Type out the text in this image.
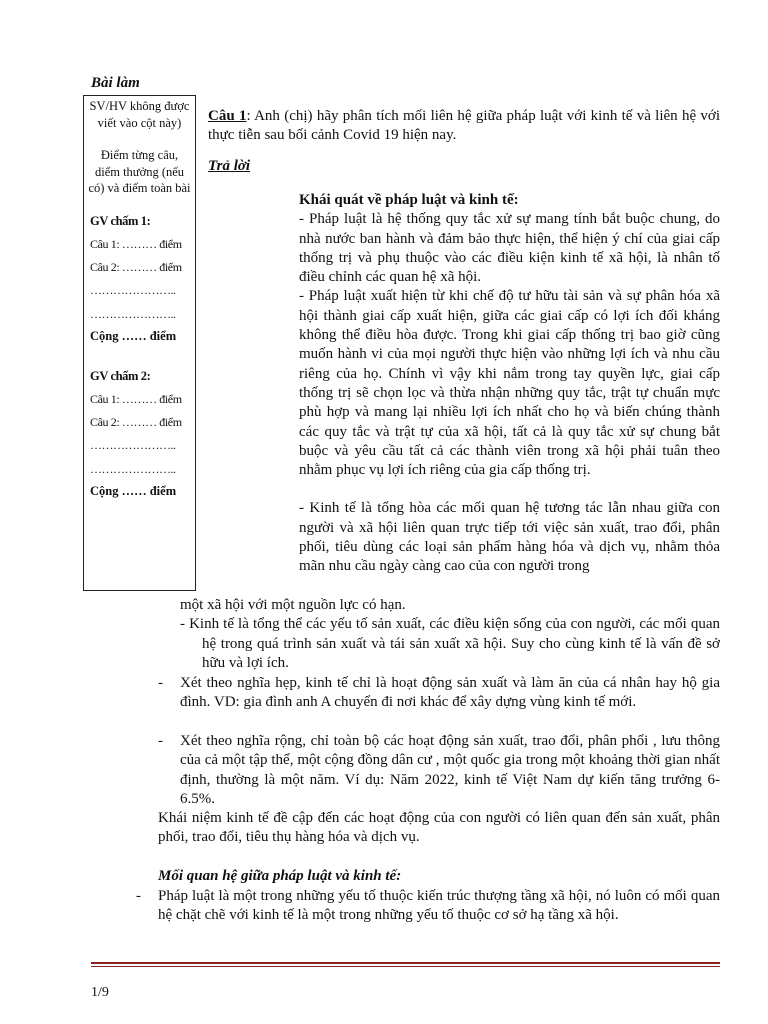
Bài làm
SV/HV không được viết vào cột này)
Điểm từng câu, diểm thưởng (nếu có) và điểm toàn bài
GV chấm 1:
Câu 1: ……… điểm
Câu 2: ……… điểm
…………………..
…………………..
Cộng …… điểm
GV chấm 2:
Câu 1: ……… điểm
Câu 2: ……… điểm
…………………..
…………………..
Cộng …… điểm
Câu 1: Anh (chị) hãy phân tích mối liên hệ giữa pháp luật với kinh tế và liên hệ với thực tiễn sau bối cảnh Covid 19 hiện nay.
Trả lời
Khái quát về pháp luật và kinh tế:
- Pháp luật là hệ thống quy tắc xử sự mang tính bắt buộc chung, do nhà nước ban hành và đảm bảo thực hiện, thể hiện ý chí của giai cấp thống trị và phụ thuộc vào các điều kiện kinh tế xã hội, là nhân tố điều chỉnh các quan hệ xã hội.
- Pháp luật xuất hiện từ khi chế độ tư hữu tài sản và sự phân hóa xã hội thành giai cấp xuất hiện, giữa các giai cấp có lợi ích đối kháng không thể điều hòa được. Trong khi giai cấp thống trị bao giờ cũng muốn hành vi của mọi người thực hiện vào những lợi ích và nhu cầu riêng của họ. Chính vì vậy khi nắm trong tay quyền lực, giai cấp thống trị sẽ chọn lọc và thừa nhận những quy tắc, trật tự chuẩn mực phù hợp và mang lại nhiều lợi ích nhất cho họ và biến chúng thành các quy tắc và trật tự của xã hội, tất cả là quy tắc xử sự chung bắt buộc và yêu cầu tất cả các thành viên trong xã hội phải tuân theo nhằm phục vụ lợi ích riêng của gia cấp thống trị.
- Kinh tế là tổng hòa các mối quan hệ tương tác lẫn nhau giữa con người và xã hội liên quan trực tiếp tới việc sản xuất, trao đổi, phân phối, tiêu dùng các loại sản phẩm hàng hóa và dịch vụ, nhằm thỏa mãn nhu cầu ngày càng cao của con người trong
một xã hội với một nguồn lực có hạn.
- Kinh tế là tổng thể các yếu tố sản xuất, các điều kiện sống của con người, các mối quan hệ trong quá trình sản xuất và tái sản xuất xã hội. Suy cho cùng kinh tế là vấn đề sở hữu và lợi ích.
-	Xét theo nghĩa hẹp, kinh tế chỉ là hoạt động sản xuất và làm ăn của cá nhân hay hộ gia đình. VD: gia đình anh A chuyển đi nơi khác để xây dựng vùng kinh tế mới.
-	Xét theo nghĩa rộng, chỉ toàn bộ các hoạt động sản xuất, trao đổi, phân phối , lưu thông của cả một tập thể, một cộng đồng dân cư , một quốc gia trong một khoảng thời gian nhất định, thường là một năm. Ví dụ: Năm 2022, kinh tế Việt Nam dự kiến tăng trưởng 6-6.5%.
Khái niệm kinh tế đề cập đến các hoạt động của con người có liên quan đến sản xuất, phân phối, trao đổi, tiêu thụ hàng hóa và dịch vụ.
Mối quan hệ giữa pháp luật và kinh tế:
-	Pháp luật là một trong những yếu tố thuộc kiến trúc thượng tầng xã hội, nó luôn có mối quan hệ chặt chẽ với kinh tế là một trong những yếu tố thuộc cơ sở hạ tầng xã hội.
1/9
